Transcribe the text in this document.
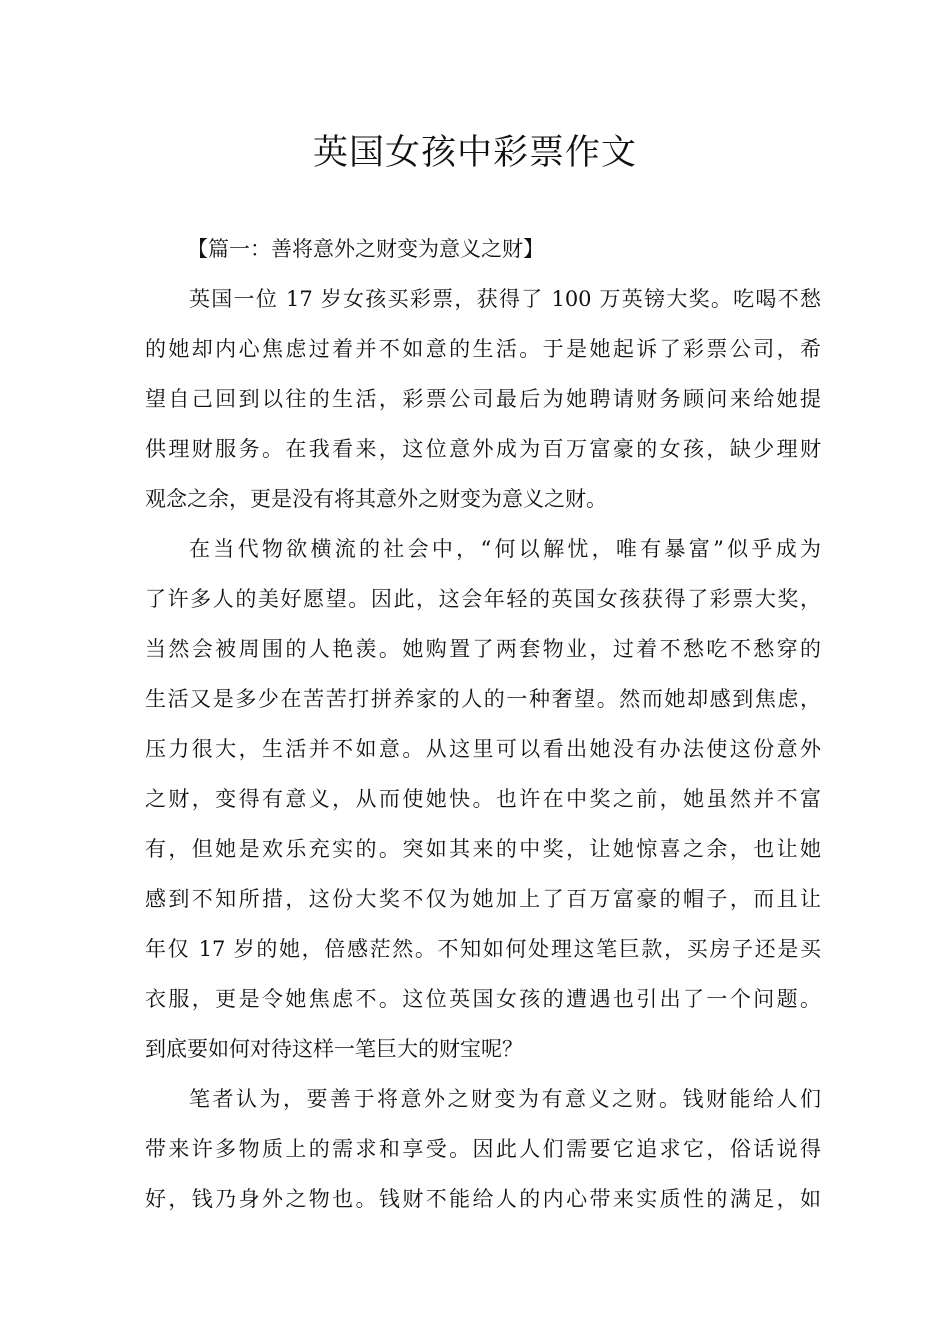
英国女孩中彩票作文
【篇一：善将意外之财变为意义之财】
英国一位 17 岁女孩买彩票，获得了 100 万英镑大奖。吃喝不愁
的她却内心焦虑过着并不如意的生活。于是她起诉了彩票公司，希
望自己回到以往的生活，彩票公司最后为她聘请财务顾问来给她提
供理财服务。在我看来，这位意外成为百万富豪的女孩，缺少理财
观念之余，更是没有将其意外之财变为意义之财。
在当代物欲横流的社会中，“何以解忧，唯有暴富”似乎成为
了许多人的美好愿望。因此，这会年轻的英国女孩获得了彩票大奖，
当然会被周围的人艳羡。她购置了两套物业，过着不愁吃不愁穿的
生活又是多少在苦苦打拼养家的人的一种奢望。然而她却感到焦虑，
压力很大，生活并不如意。从这里可以看出她没有办法使这份意外
之财，变得有意义，从而使她快。也许在中奖之前，她虽然并不富
有，但她是欢乐充实的。突如其来的中奖，让她惊喜之余，也让她
感到不知所措，这份大奖不仅为她加上了百万富豪的帽子，而且让
年仅 17 岁的她，倍感茫然。不知如何处理这笔巨款，买房子还是买
衣服，更是令她焦虑不。这位英国女孩的遭遇也引出了一个问题。
到底要如何对待这样一笔巨大的财宝呢？
笔者认为，要善于将意外之财变为有意义之财。钱财能给人们
带来许多物质上的需求和享受。因此人们需要它追求它，俗话说得
好，钱乃身外之物也。钱财不能给人的内心带来实质性的满足，如
